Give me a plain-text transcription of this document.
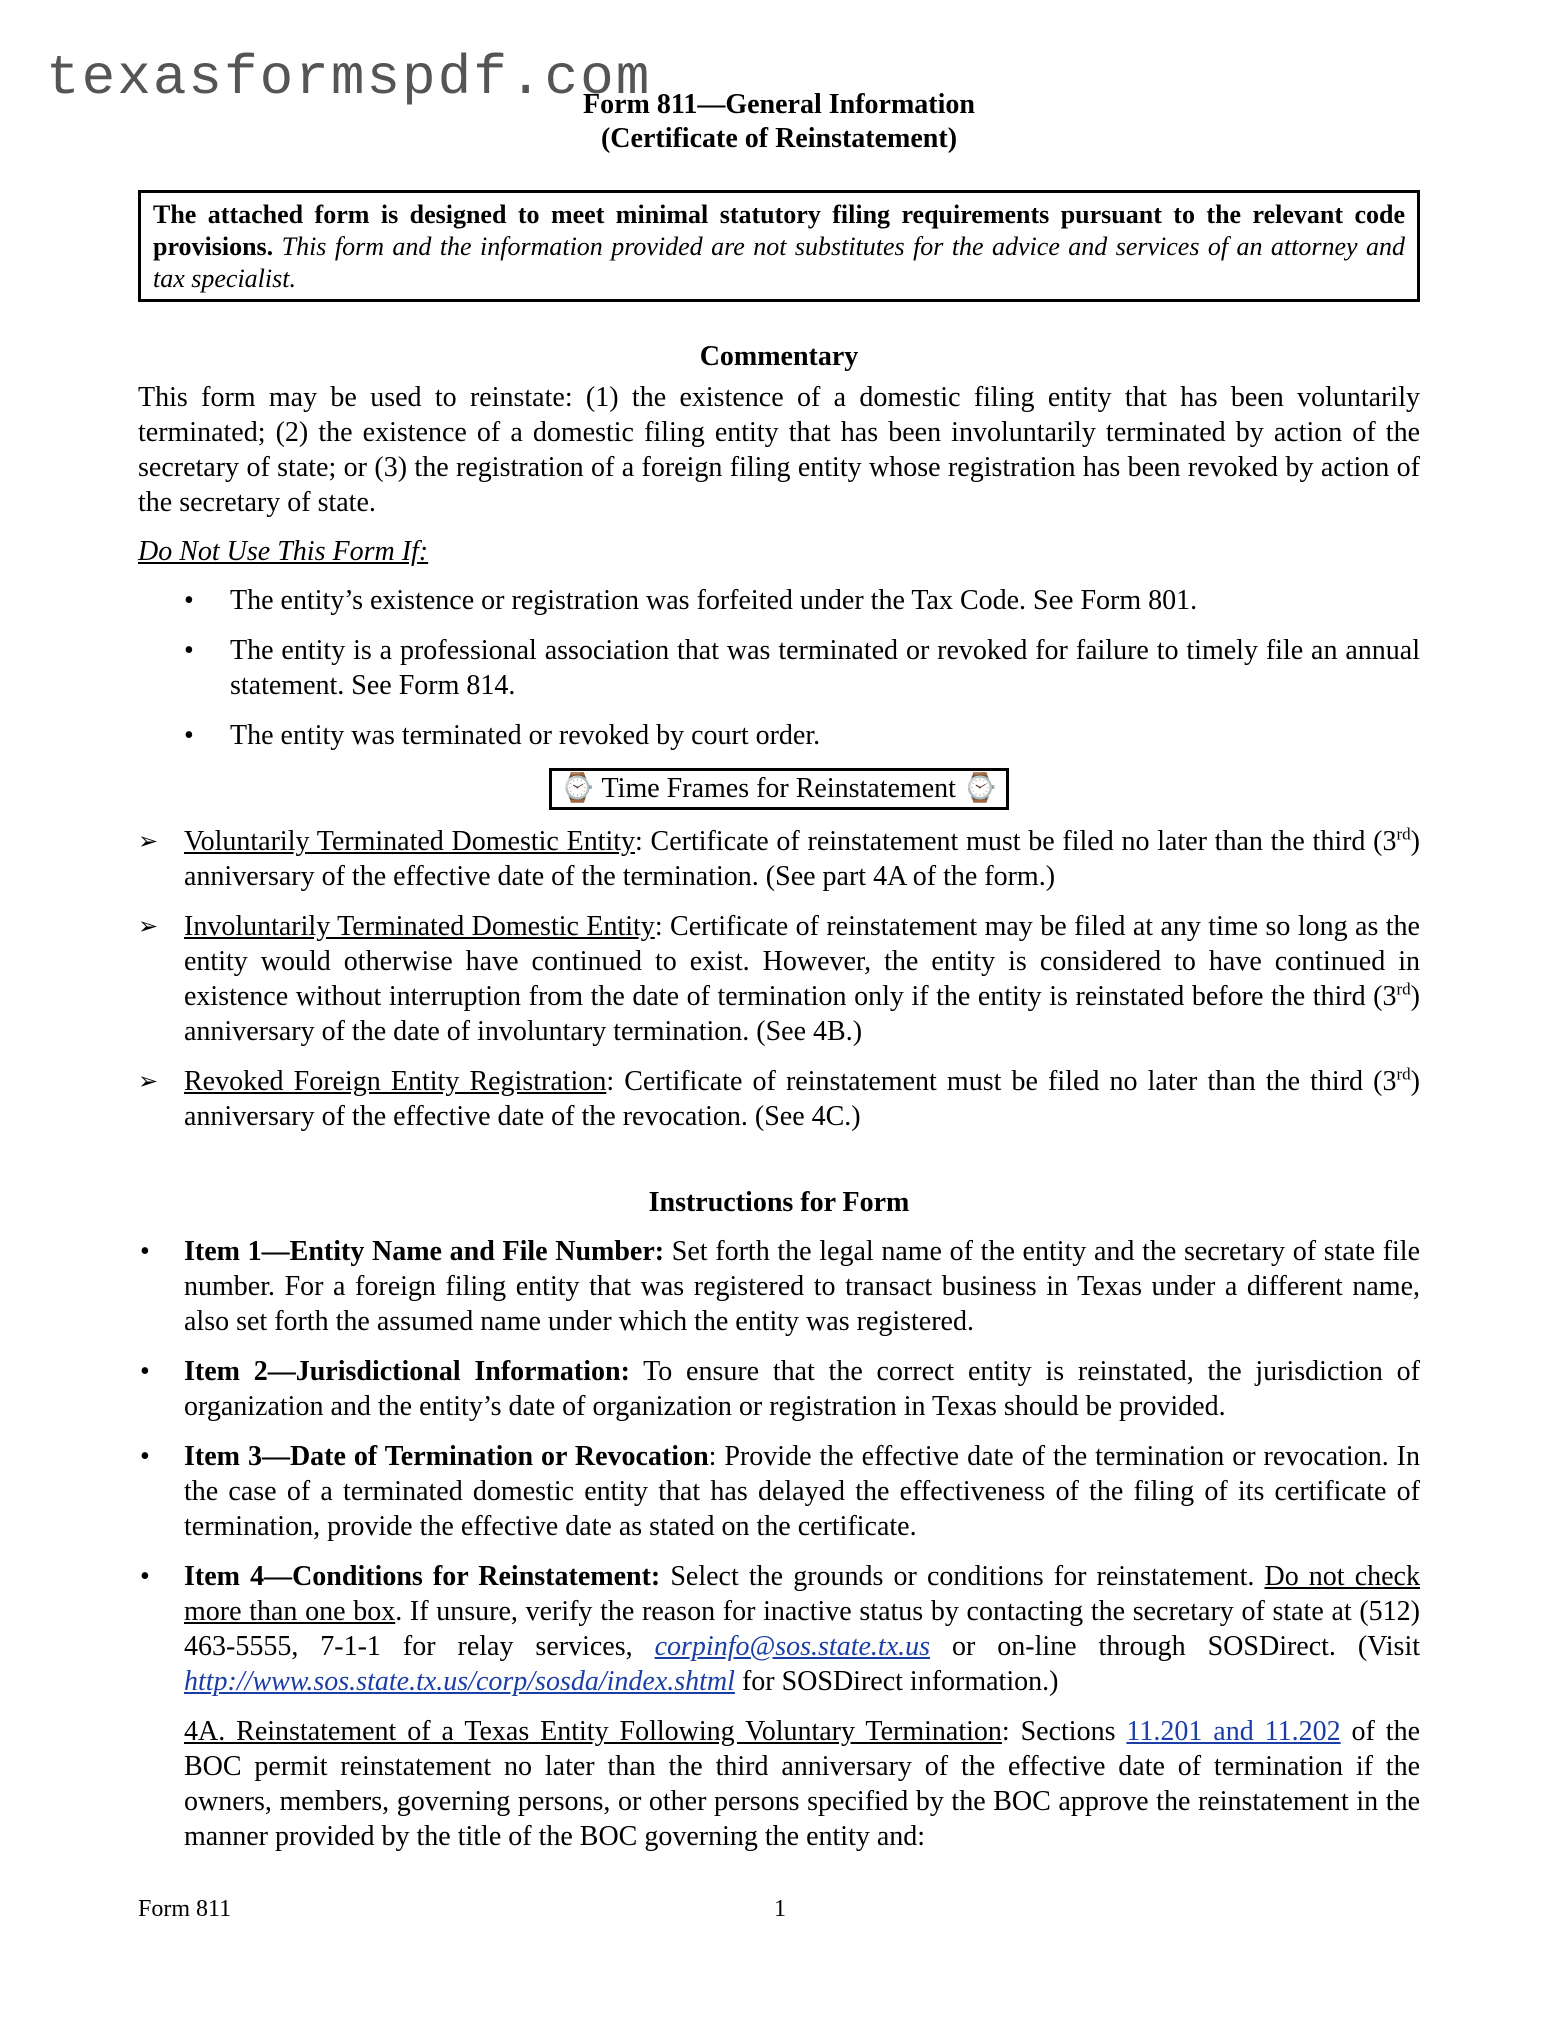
texasformspdf.com
Form 811—General Information
(Certificate of Reinstatement)
The attached form is designed to meet minimal statutory filing requirements pursuant to the relevant code provisions. This form and the information provided are not substitutes for the advice and services of an attorney and tax specialist.
Commentary

This form may be used to reinstate: (1) the existence of a domestic filing entity that has been voluntarily terminated; (2) the existence of a domestic filing entity that has been involuntarily terminated by action of the secretary of state; or (3) the registration of a foreign filing entity whose registration has been revoked by action of the secretary of state.

Do Not Use This Form If:
• The entity’s existence or registration was forfeited under the Tax Code. See Form 801.
• The entity is a professional association that was terminated or revoked for failure to timely file an annual statement. See Form 814.
• The entity was terminated or revoked by court order.
⌚ Time Frames for Reinstatement ⌚
➢ Voluntarily Terminated Domestic Entity: Certificate of reinstatement must be filed no later than the third (3rd) anniversary of the effective date of the termination. (See part 4A of the form.)
➢ Involuntarily Terminated Domestic Entity: Certificate of reinstatement may be filed at any time so long as the entity would otherwise have continued to exist. However, the entity is considered to have continued in existence without interruption from the date of termination only if the entity is reinstated before the third (3rd) anniversary of the date of involuntary termination. (See 4B.)
➢ Revoked Foreign Entity Registration: Certificate of reinstatement must be filed no later than the third (3rd) anniversary of the effective date of the revocation. (See 4C.)
Instructions for Form
• Item 1—Entity Name and File Number: Set forth the legal name of the entity and the secretary of state file number. For a foreign filing entity that was registered to transact business in Texas under a different name, also set forth the assumed name under which the entity was registered.
• Item 2—Jurisdictional Information: To ensure that the correct entity is reinstated, the jurisdiction of organization and the entity’s date of organization or registration in Texas should be provided.
• Item 3—Date of Termination or Revocation: Provide the effective date of the termination or revocation. In the case of a terminated domestic entity that has delayed the effectiveness of the filing of its certificate of termination, provide the effective date as stated on the certificate.
• Item 4—Conditions for Reinstatement: Select the grounds or conditions for reinstatement. Do not check more than one box. If unsure, verify the reason for inactive status by contacting the secretary of state at (512) 463-5555, 7-1-1 for relay services, corpinfo@sos.state.tx.us or on-line through SOSDirect. (Visit http://www.sos.state.tx.us/corp/sosda/index.shtml for SOSDirect information.)

4A. Reinstatement of a Texas Entity Following Voluntary Termination: Sections 11.201 and 11.202 of the BOC permit reinstatement no later than the third anniversary of the effective date of termination if the owners, members, governing persons, or other persons specified by the BOC approve the reinstatement in the manner provided by the title of the BOC governing the entity and:

Form 811	1
